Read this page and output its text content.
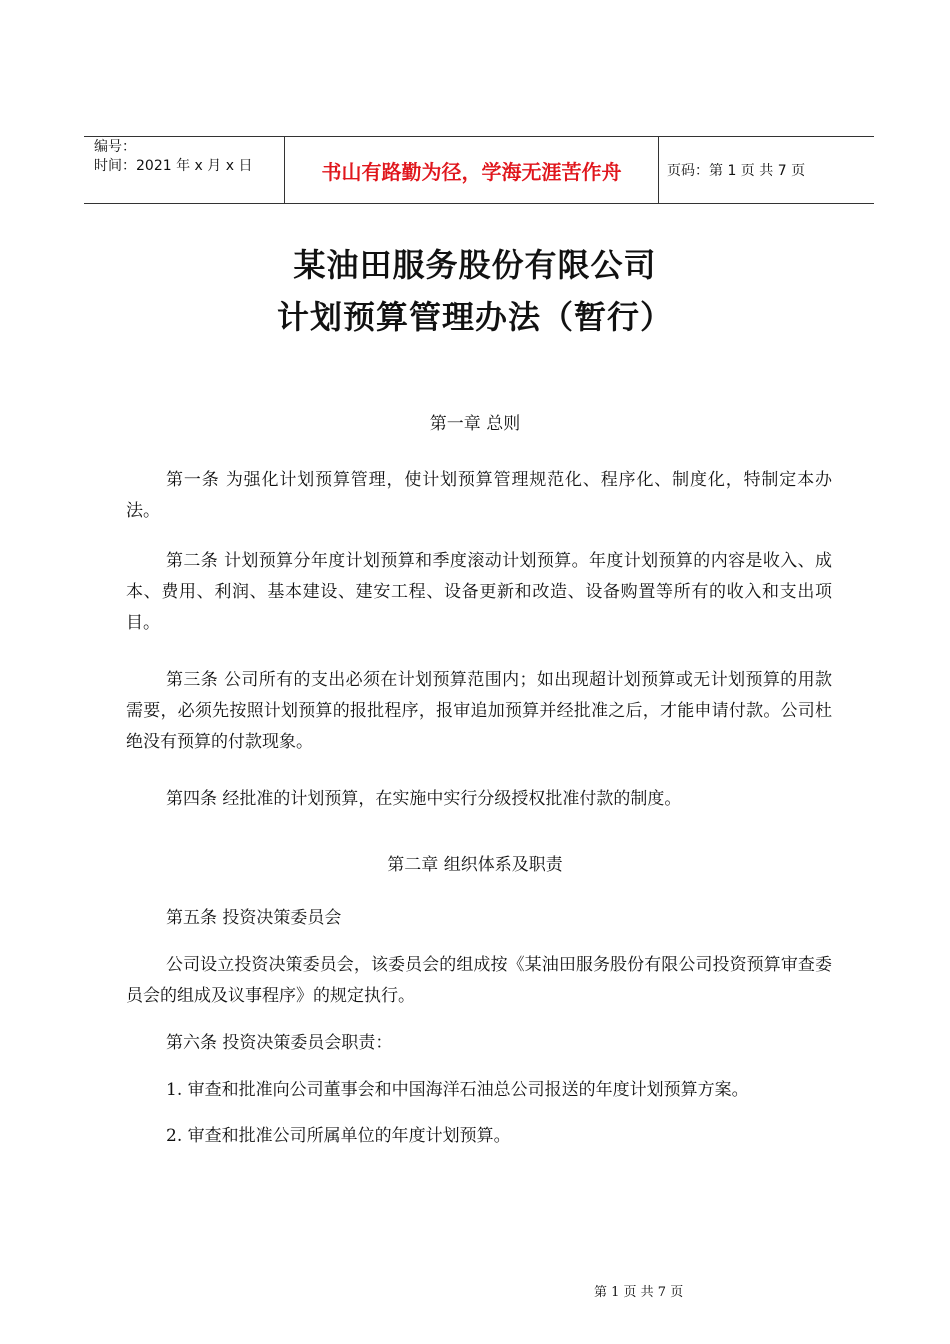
编号：
时间：2021 年 x 月 x 日	书山有路勤为径，学海无涯苦作舟	页码：第 1 页 共 7 页
某油田服务股份有限公司
计划预算管理办法（暂行）
第一章 总则

第一条 为强化计划预算管理，使计划预算管理规范化、程序化、制度化，特制定本办法。

第二条 计划预算分年度计划预算和季度滚动计划预算。年度计划预算的内容是收入、成本、费用、利润、基本建设、建安工程、设备更新和改造、设备购置等所有的收入和支出项目。

第三条 公司所有的支出必须在计划预算范围内；如出现超计划预算或无计划预算的用款需要，必须先按照计划预算的报批程序，报审追加预算并经批准之后，才能申请付款。公司杜绝没有预算的付款现象。

第四条 经批准的计划预算，在实施中实行分级授权批准付款的制度。

第二章 组织体系及职责

第五条 投资决策委员会

公司设立投资决策委员会，该委员会的组成按《某油田服务股份有限公司投资预算审查委员会的组成及议事程序》的规定执行。

第六条 投资决策委员会职责：

1. 审查和批准向公司董事会和中国海洋石油总公司报送的年度计划预算方案。

2. 审查和批准公司所属单位的年度计划预算。

第 1 页 共 7 页
